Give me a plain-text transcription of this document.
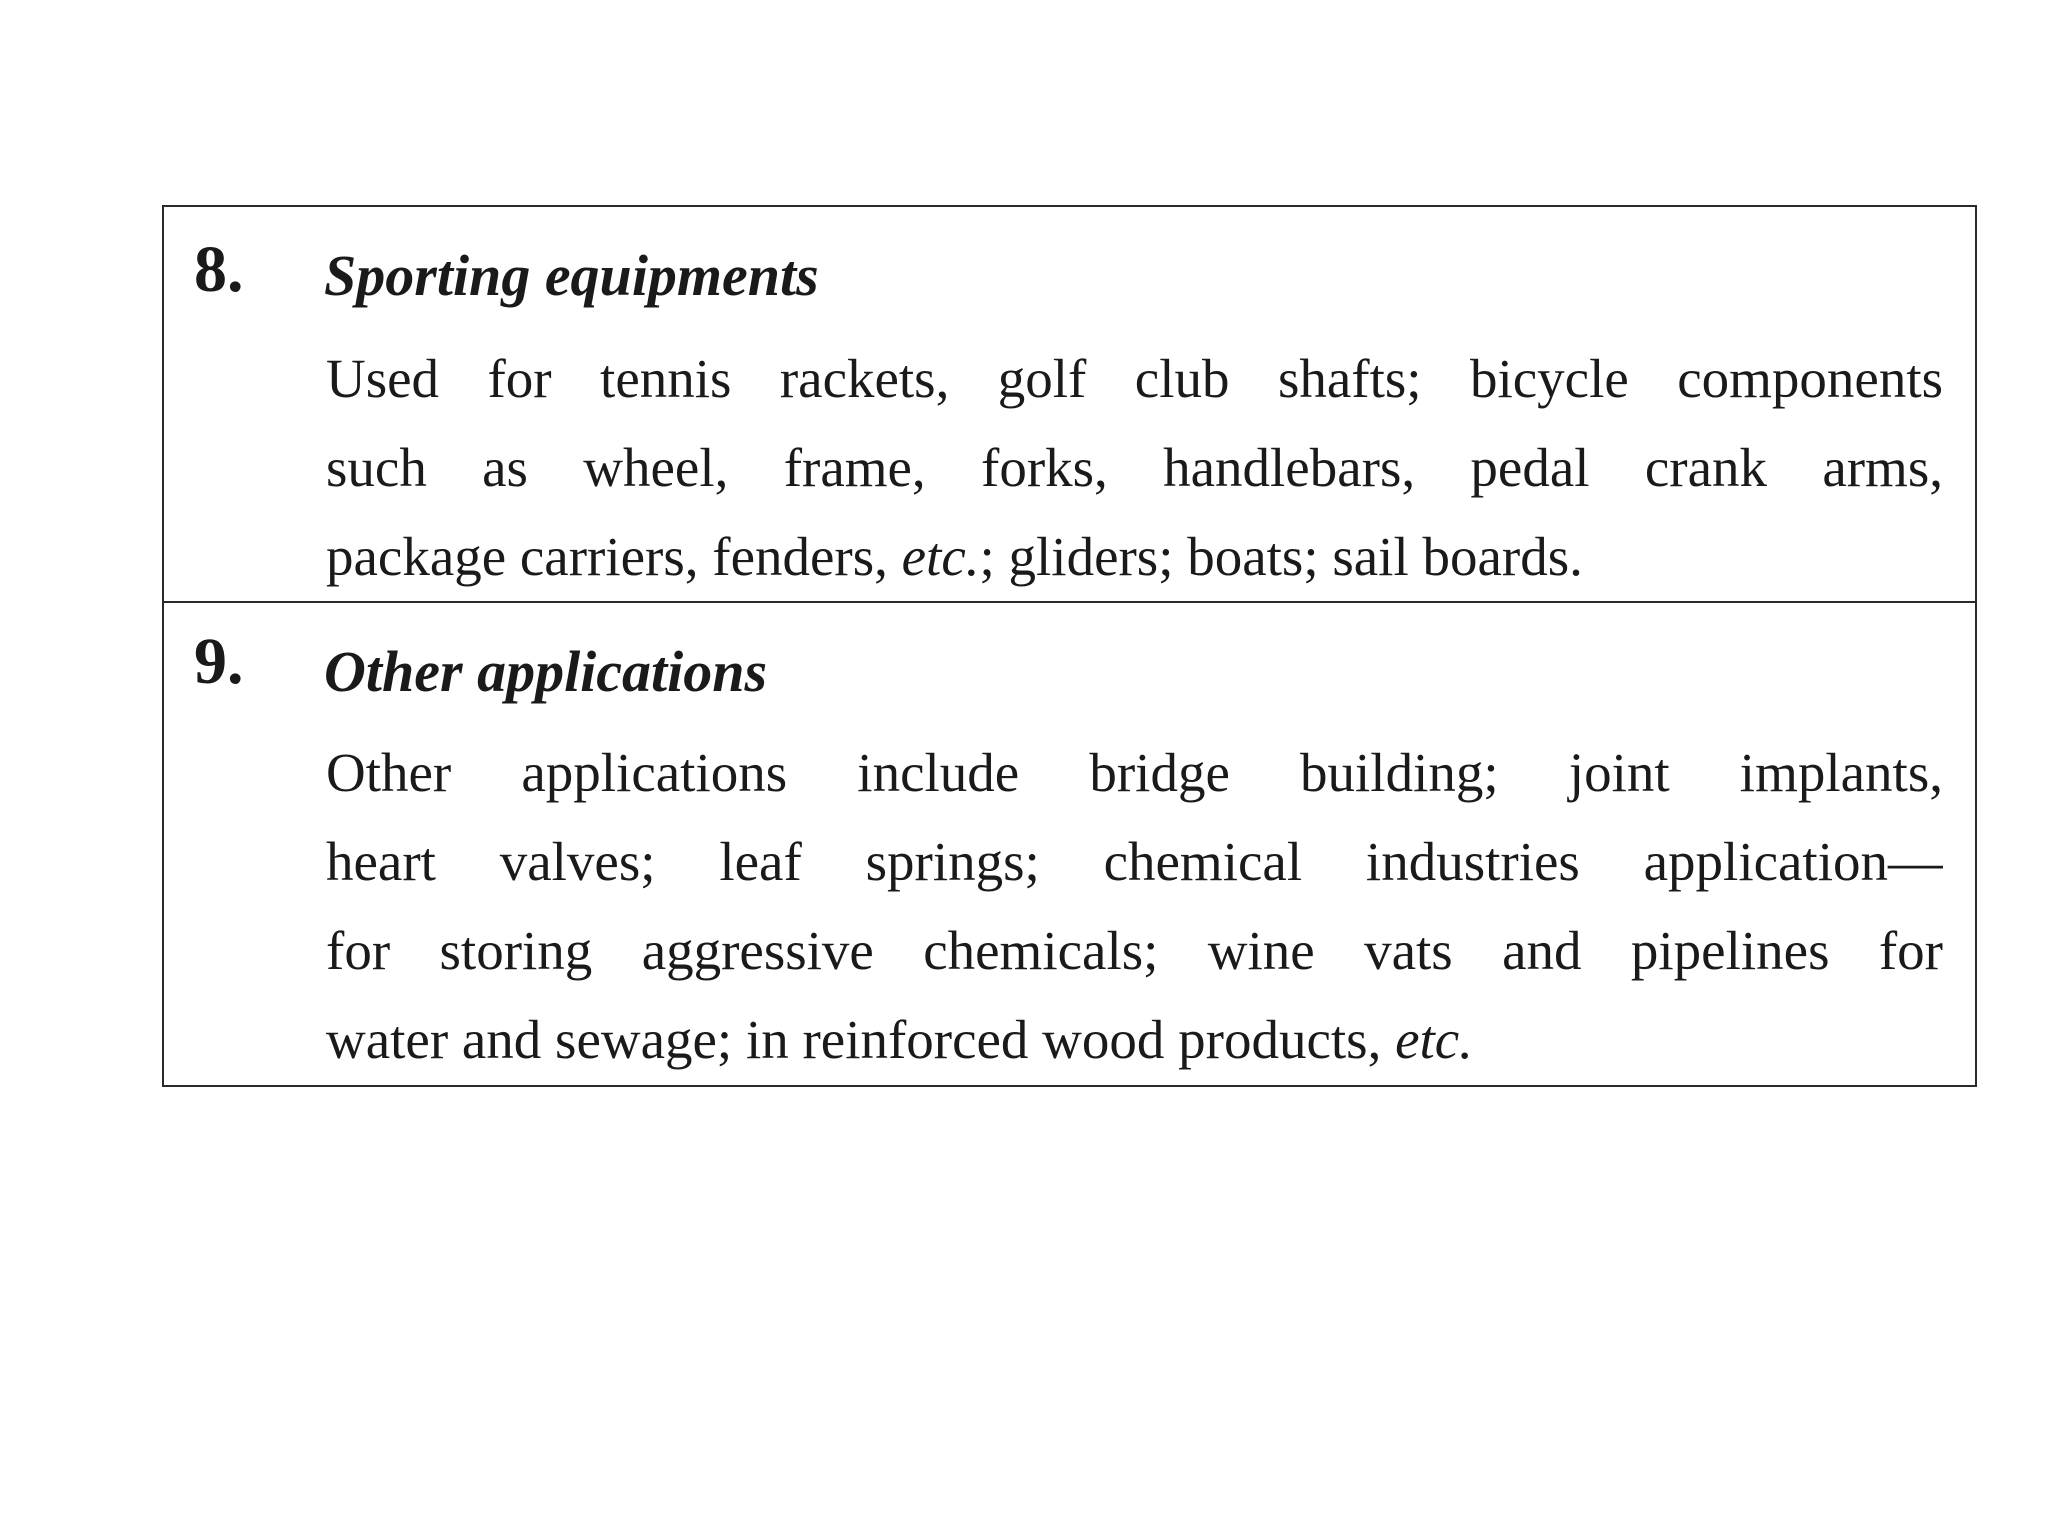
8. Sporting equipments
Used for tennis rackets, golf club shafts; bicycle components
such as wheel, frame, forks, handlebars, pedal crank arms,
package carriers, fenders, etc.; gliders; boats; sail boards.
9. Other applications
Other applications include bridge building; joint implants,
heart valves; leaf springs; chemical industries application—
for storing aggressive chemicals; wine vats and pipelines for
water and sewage; in reinforced wood products, etc.
